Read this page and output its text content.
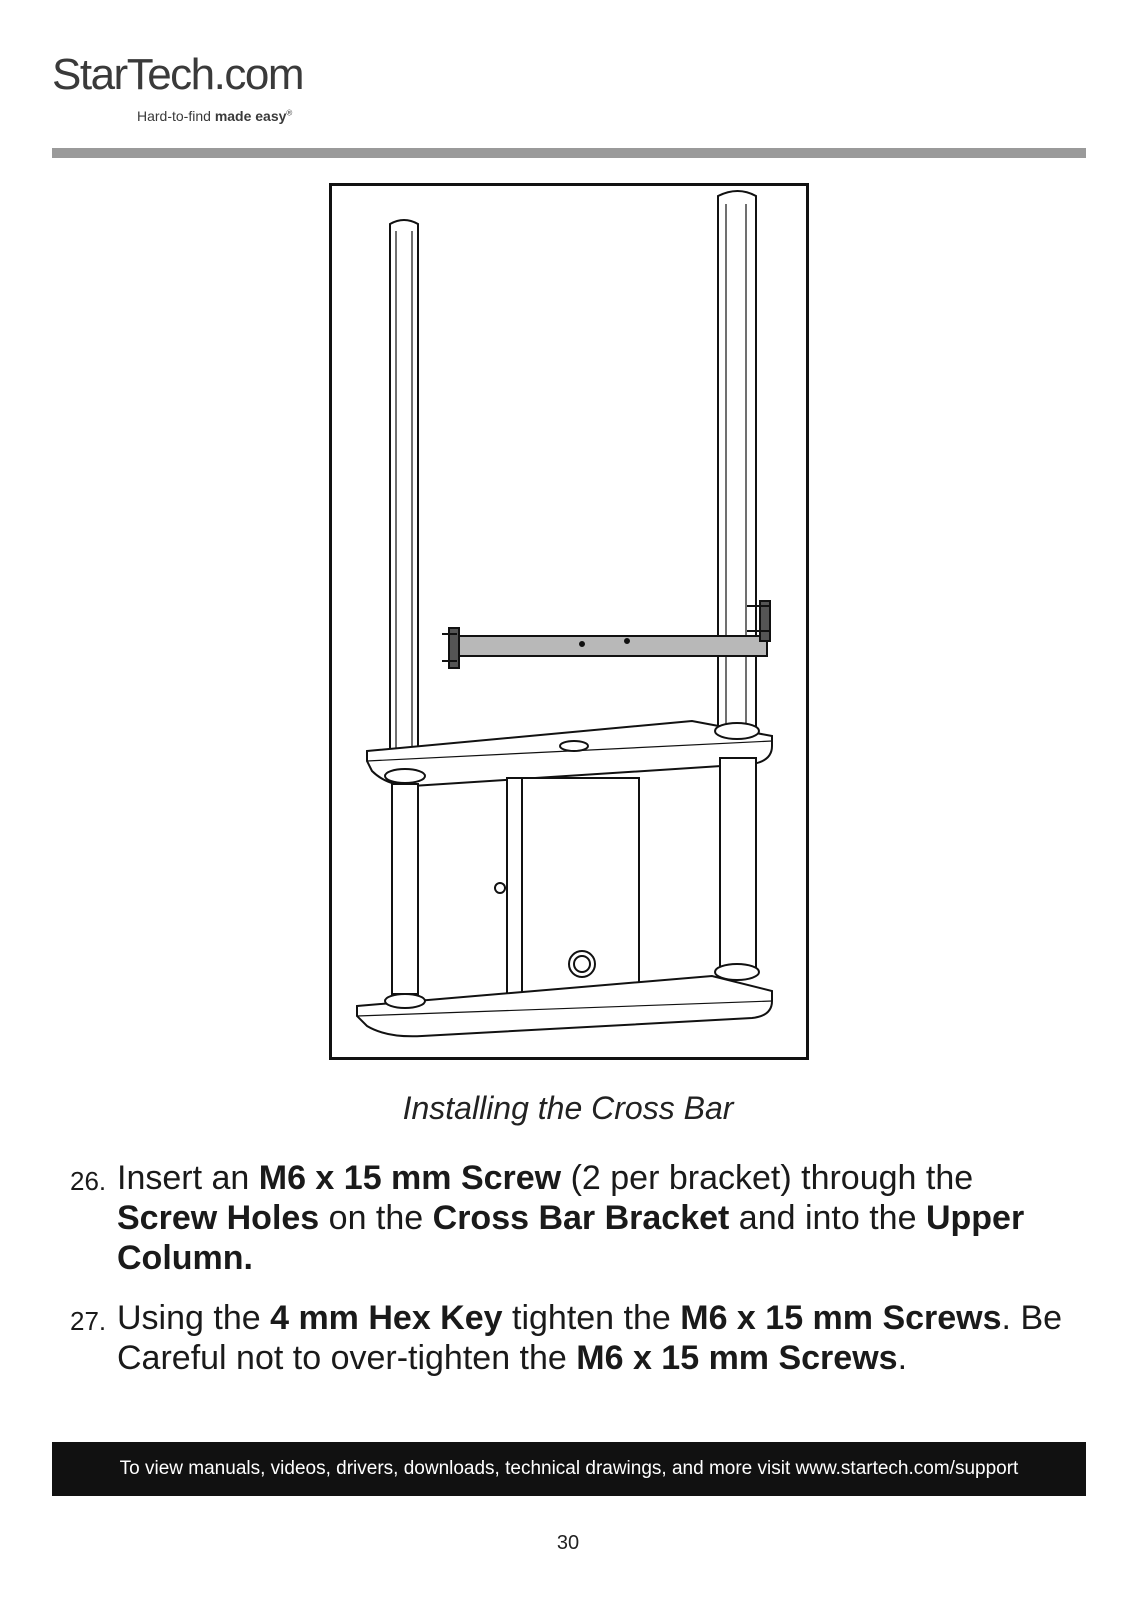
StarTech.com
Hard-to-find made easy®
Installing the Cross Bar
26. Insert an M6 x 15 mm Screw (2 per bracket) through the Screw Holes on the Cross Bar Bracket and into the Upper Column.
27. Using the 4 mm Hex Key tighten the M6 x 15 mm Screws. Be Careful not to over-tighten the M6 x 15 mm Screws.
To view manuals, videos, drivers, downloads, technical drawings, and more visit www.startech.com/support
30
